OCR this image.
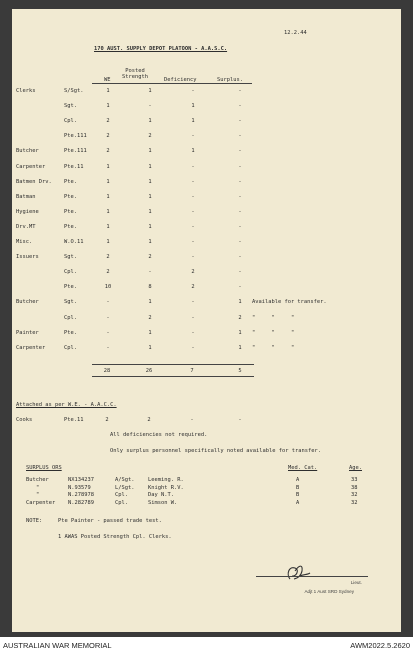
12.2.44
170 AUST. SUPPLY DEPOT PLATOON - A.A.S.C.
WE
Posted
Strength	Deficiency	Surplus.
Clerks	S/Sgt.	1	1	-	-
Sgt.	1	-	1	-
Cpl.	2	1	1	-
Pte.111	2	2	-	-
Butcher	Pte.111	2	1	1	-
Carpenter	Pte.11	1	1	-	-
Batmen Drv. Pte.	1	1	-	-
Batman	Pte.	1	1	-	-
Hygiene	Pte.	1	1	-	-
Drv.MT	Pte.	1	1	-	-
Misc.	W.O.11	1	1	-	-
Issuers	Sgt.	2	2	-	-
Cpl.	2	-	2	-
Pte.	10	8	2	-
Butcher	Sgt.	-	1	-	1	Available for transfer.
Cpl.	-	2	-	2	"     "     "
Painter	Pte.	-	1	-	1	"     "     "
Carpenter	Cpl.	-	1	-	1	"     "     "
28	26	7	5
Attached as per W.E. - A.A.C.C.
Cooks	Pte.11	2	2	-	-
All deficiencies not required.
Only surplus personnel specifically noted available for transfer.
SURPLUS ORS	Med. Cat.	Age.
Butcher	NX134237	A/Sgt.	Leeming. R.	A	33
"	N.93579	L/Sgt.	Knight R.V.	B	38
"	N.278978	Cpl.	Day N.T.	B	32
Carpenter N.282789	Cpl.	Simson W.	A	32
NOTE:	Pte Painter - passed trade test.
1 AWAS Posted Strength Cpl. Clerks.
Lieut.
Adjt 1 Aust SRD Sydney
AUSTRALIAN WAR MEMORIAL	AWM2022.5.2620
